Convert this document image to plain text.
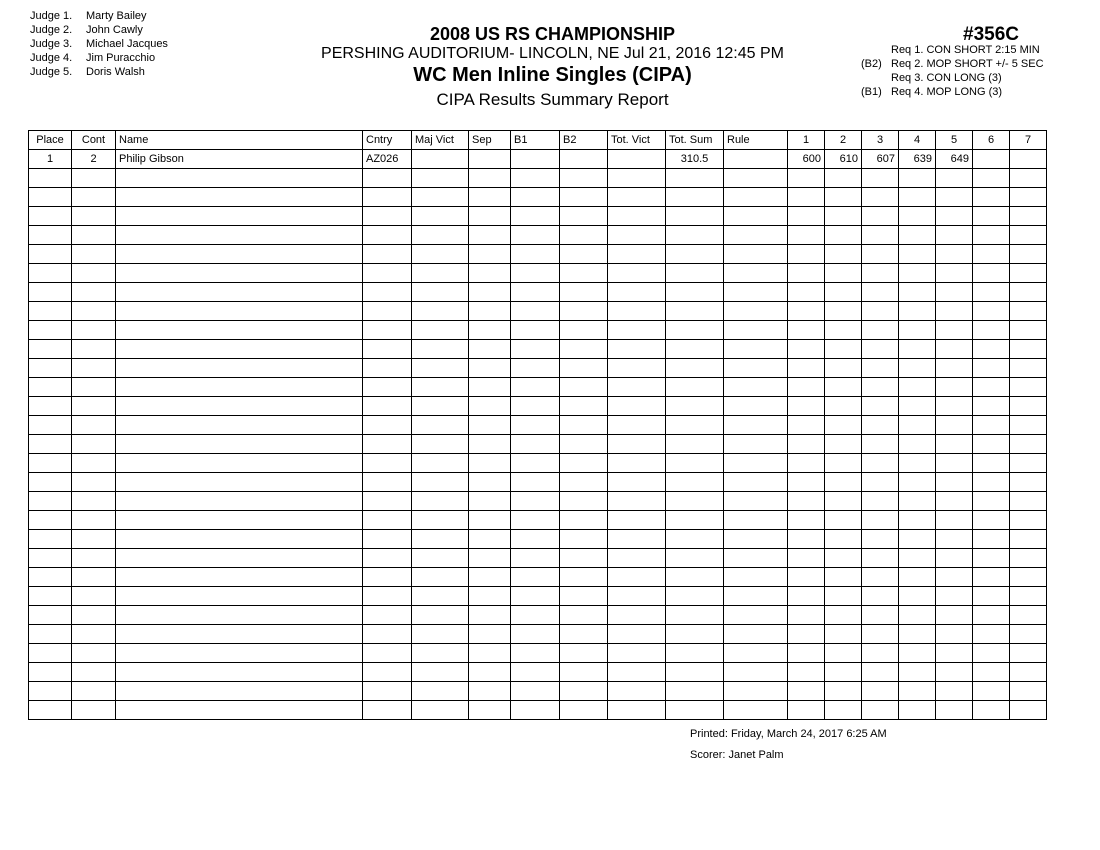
Judge 1. Marty Bailey
Judge 2. John Cawly
Judge 3. Michael Jacques
Judge 4. Jim Puracchio
Judge 5. Doris Walsh
2008 US RS CHAMPIONSHIP
PERSHING AUDITORIUM- LINCOLN, NE Jul 21, 2016 12:45 PM
WC Men Inline Singles (CIPA)
CIPA Results Summary Report
#356C
Req 1. CON SHORT 2:15 MIN
(B2) Req 2. MOP SHORT +/- 5 SEC
Req 3. CON LONG (3)
(B1) Req 4. MOP LONG (3)
Place	Cont	Name	Cntry	Maj Vict	Sep	B1	B2	Tot. Vict	Tot. Sum	Rule	1	2	3	4	5	6	7
1	2	Philip Gibson	AZ026						310.5		600	610	607	639	649		

Printed: Friday, March 24, 2017 6:25 AM
Scorer: Janet Palm
